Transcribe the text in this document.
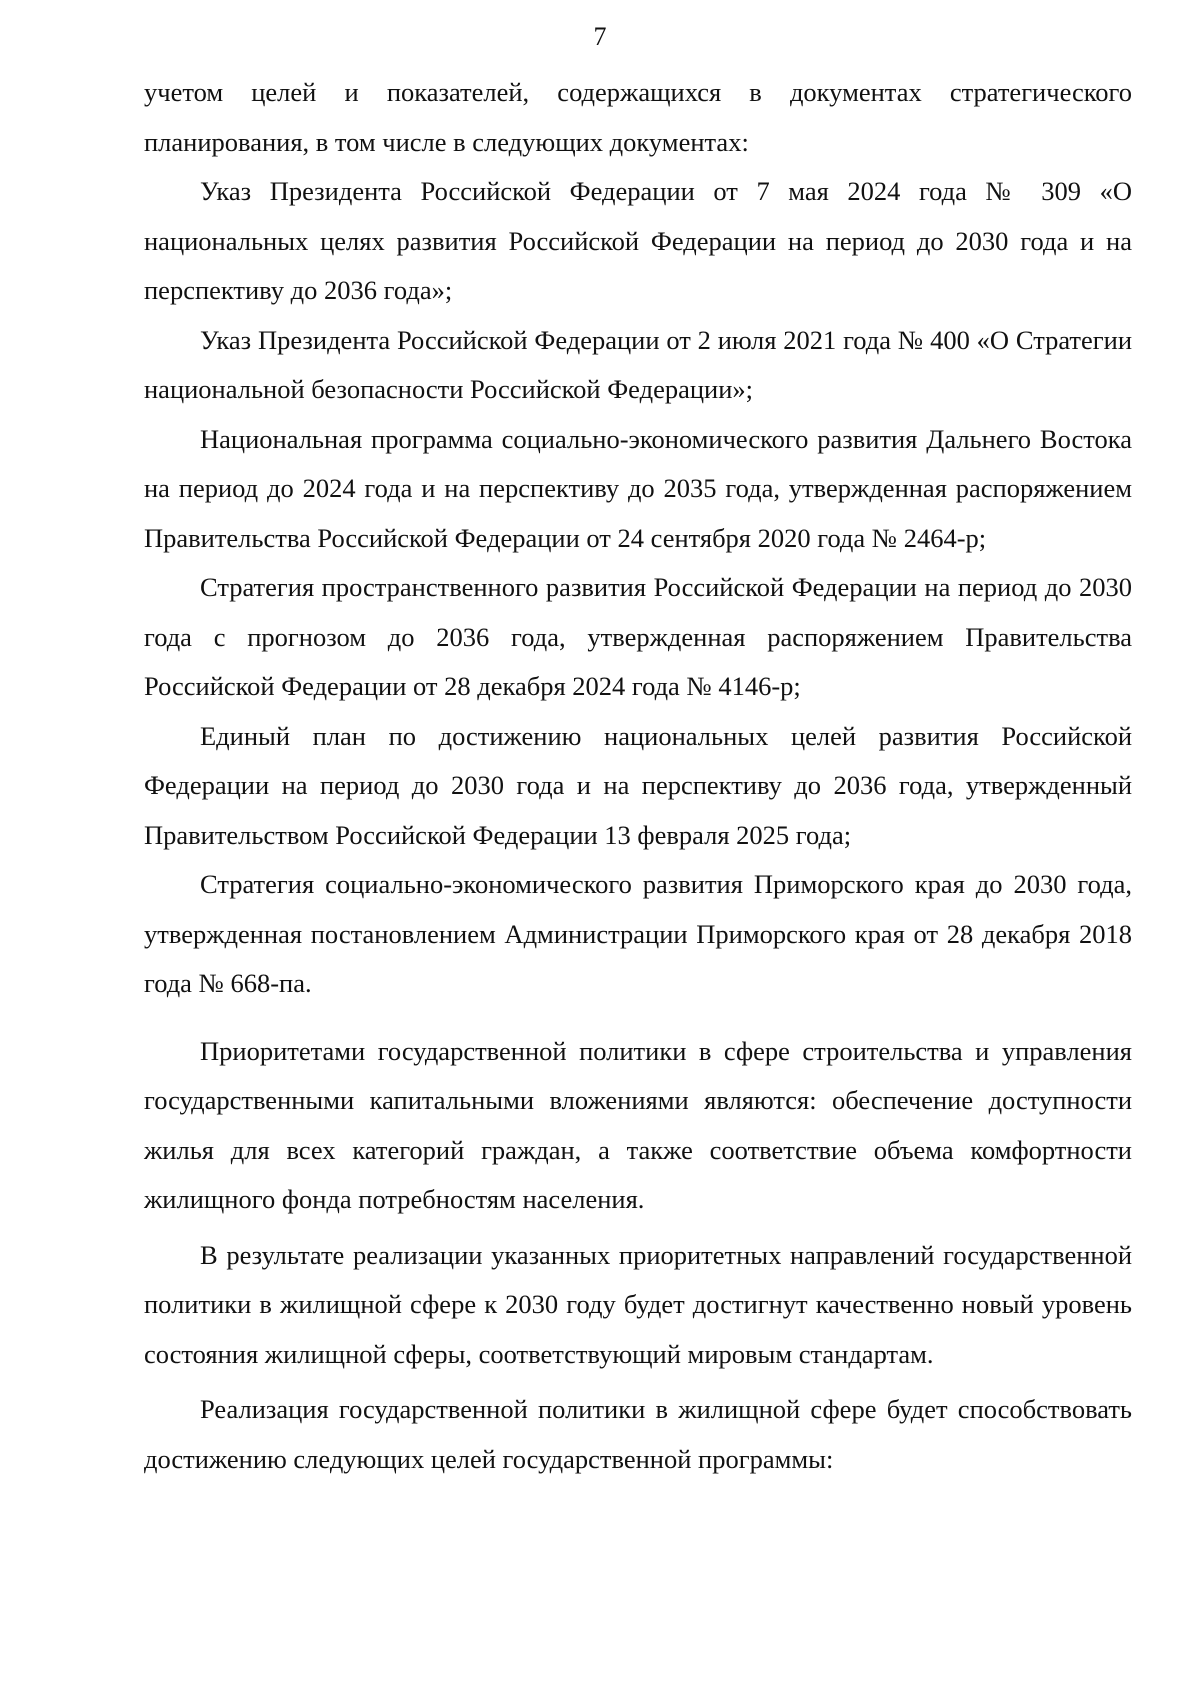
7

учетом целей и показателей, содержащихся в документах стратегического планирования, в том числе в следующих документах:

Указ Президента Российской Федерации от 7 мая 2024 года № 309 «О национальных целях развития Российской Федерации на период до 2030 года и на перспективу до 2036 года»;

Указ Президента Российской Федерации от 2 июля 2021 года № 400 «О Стратегии национальной безопасности Российской Федерации»;

Национальная программа социально-экономического развития Дальнего Востока на период до 2024 года и на перспективу до 2035 года, утвержденная распоряжением Правительства Российской Федерации от 24 сентября 2020 года № 2464-р;

Стратегия пространственного развития Российской Федерации на период до 2030 года с прогнозом до 2036 года, утвержденная распоряжением Правительства Российской Федерации от 28 декабря 2024 года № 4146-р;

Единый план по достижению национальных целей развития Российской Федерации на период до 2030 года и на перспективу до 2036 года, утвержденный Правительством Российской Федерации 13 февраля 2025 года;

Стратегия социально-экономического развития Приморского края до 2030 года, утвержденная постановлением Администрации Приморского края от 28 декабря 2018 года № 668-па.

Приоритетами государственной политики в сфере строительства и управления государственными капитальными вложениями являются: обеспечение доступности жилья для всех категорий граждан, а также соответствие объема комфортности жилищного фонда потребностям населения.

В результате реализации указанных приоритетных направлений государственной политики в жилищной сфере к 2030 году будет достигнут качественно новый уровень состояния жилищной сферы, соответствующий мировым стандартам.

Реализация государственной политики в жилищной сфере будет способствовать достижению следующих целей государственной программы:
